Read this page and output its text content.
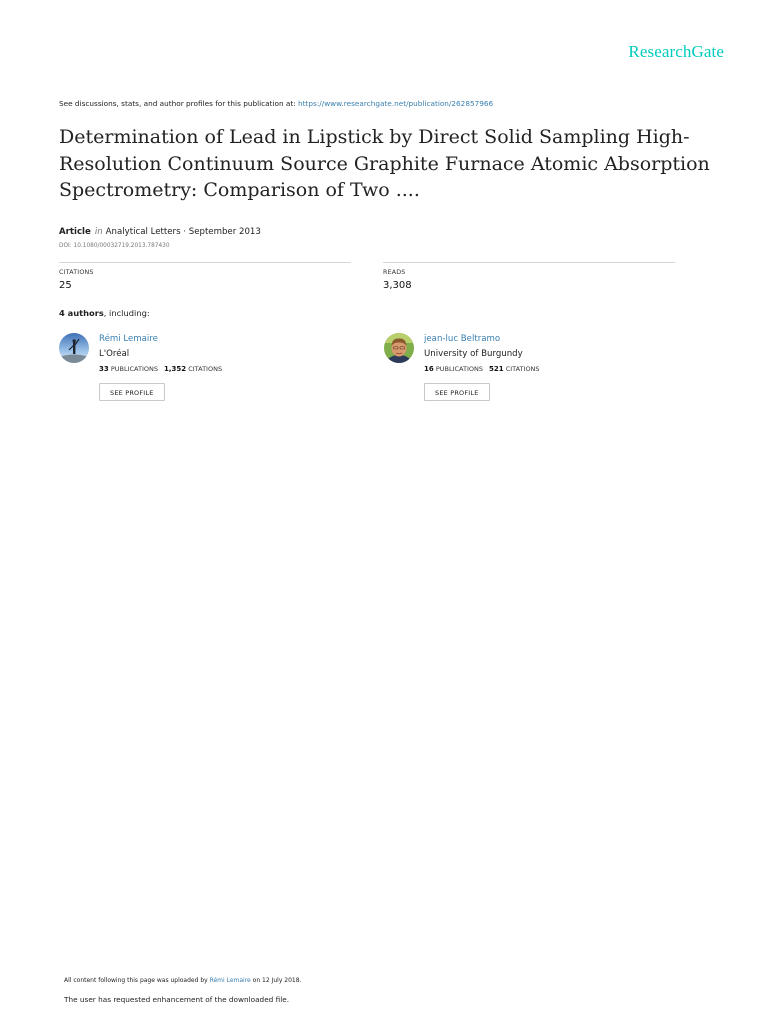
ResearchGate
See discussions, stats, and author profiles for this publication at: https://www.researchgate.net/publication/262857966
Determination of Lead in Lipstick by Direct Solid Sampling High-Resolution Continuum Source Graphite Furnace Atomic Absorption Spectrometry: Comparison of Two ....
Article in Analytical Letters · September 2013
DOI: 10.1080/00032719.2013.787430
CITATIONS
25
READS
3,308
4 authors, including:
Rémi Lemaire
L'Oréal
33 PUBLICATIONS 1,352 CITATIONS
SEE PROFILE
jean-luc Beltramo
University of Burgundy
16 PUBLICATIONS 521 CITATIONS
SEE PROFILE
All content following this page was uploaded by Rémi Lemaire on 12 July 2018.
The user has requested enhancement of the downloaded file.
